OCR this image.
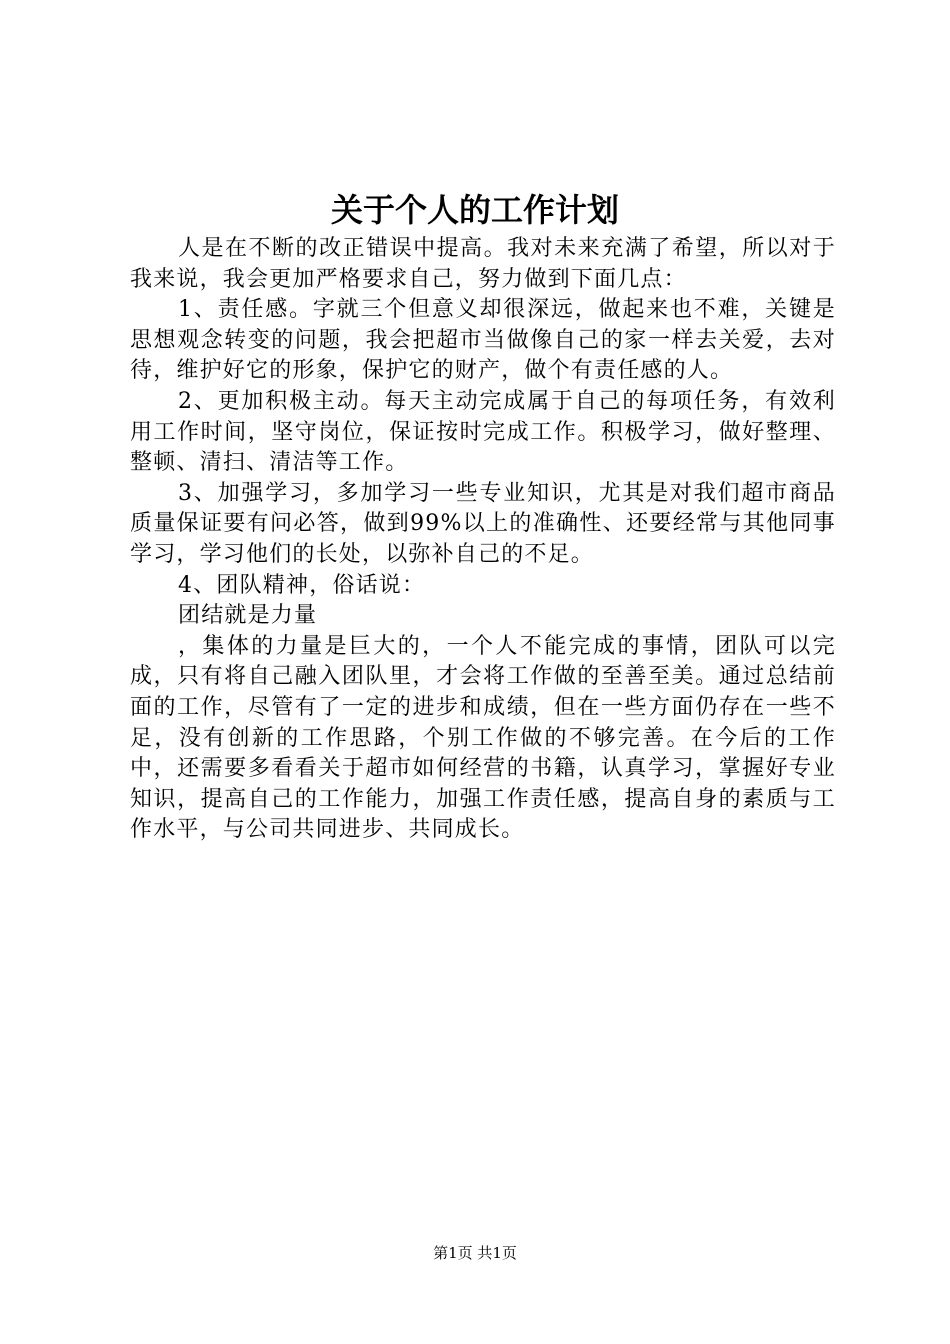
关于个人的工作计划

人是在不断的改正错误中提高。我对未来充满了希望，所以对于我来说，我会更加严格要求自己，努力做到下面几点：

1、责任感。字就三个但意义却很深远，做起来也不难，关键是思想观念转变的问题，我会把超市当做像自己的家一样去关爱，去对待，维护好它的形象，保护它的财产，做个有责任感的人。

2、更加积极主动。每天主动完成属于自己的每项任务，有效利用工作时间，坚守岗位，保证按时完成工作。积极学习，做好整理、整顿、清扫、清洁等工作。

3、加强学习，多加学习一些专业知识，尤其是对我们超市商品质量保证要有问必答，做到99%以上的准确性、还要经常与其他同事学习，学习他们的长处，以弥补自己的不足。

4、团队精神，俗话说：

团结就是力量

，集体的力量是巨大的，一个人不能完成的事情，团队可以完成，只有将自己融入团队里，才会将工作做的至善至美。通过总结前面的工作，尽管有了一定的进步和成绩，但在一些方面仍存在一些不足，没有创新的工作思路，个别工作做的不够完善。在今后的工作中，还需要多看看关于超市如何经营的书籍，认真学习，掌握好专业知识，提高自己的工作能力，加强工作责任感，提高自身的素质与工作水平，与公司共同进步、共同成长。

第1页 共1页
